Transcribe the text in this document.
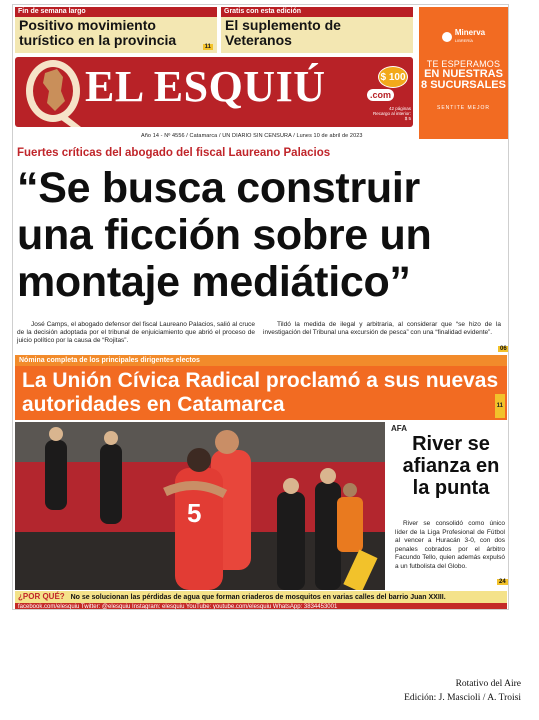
Fin de semana largo
Positivo movimiento turístico en la provincia	11
Gratis con esta edición
El suplemento de Veteranos	Minerva
LIBRERÍA
TE ESPERAMOS
EN NUESTRAS
8 SUCURSALES
SENTITE MEJOR
EL ESQUIÚ	$ 100
.com
42 páginas Recargo al interior: $ 5
Año 14 - Nº 4556 / Catamarca / UN DIARIO SIN CENSURA / Lunes 10 de abril de 2023
Fuertes críticas del abogado del fiscal Laureano Palacios
“Se busca construir una ficción sobre un montaje mediático”

José Camps, el abogado defensor del fiscal Laureano Palacios, salió al cruce de la decisión adoptada por el tribunal de enjuiciamiento que abrió el proceso de juicio político por la causa de “Rojitas”.

Tildó la medida de ilegal y arbitraria, al considerar que “se hizo de la investigación del Tribunal una excursión de pesca” con una “finalidad evidente”.

06
Nómina completa de los principales dirigentes electos
La Unión Cívica Radical proclamó a sus nuevas autoridades en Catamarca	11
5
AFA
River se afianza en la punta

River se consolidó como único líder de la Liga Profesional de Fútbol al vencer a Huracán 3-0, con dos penales cobrados por el árbitro Facundo Tello, quien además expulsó a un futbolista del Globo.

24
¿POR QUÉ? No se solucionan las pérdidas de agua que forman criaderos de mosquitos en varias calles del barrio Juan XXIII.
facebook.com/elesquiu Twitter: @elesquiu Instagram: elesquiu YouTube: youtube.com/elesquiu WhatsApp: 3834453001
Rotativo del Aire
Edición: J. Mascioli / A. Troisi
